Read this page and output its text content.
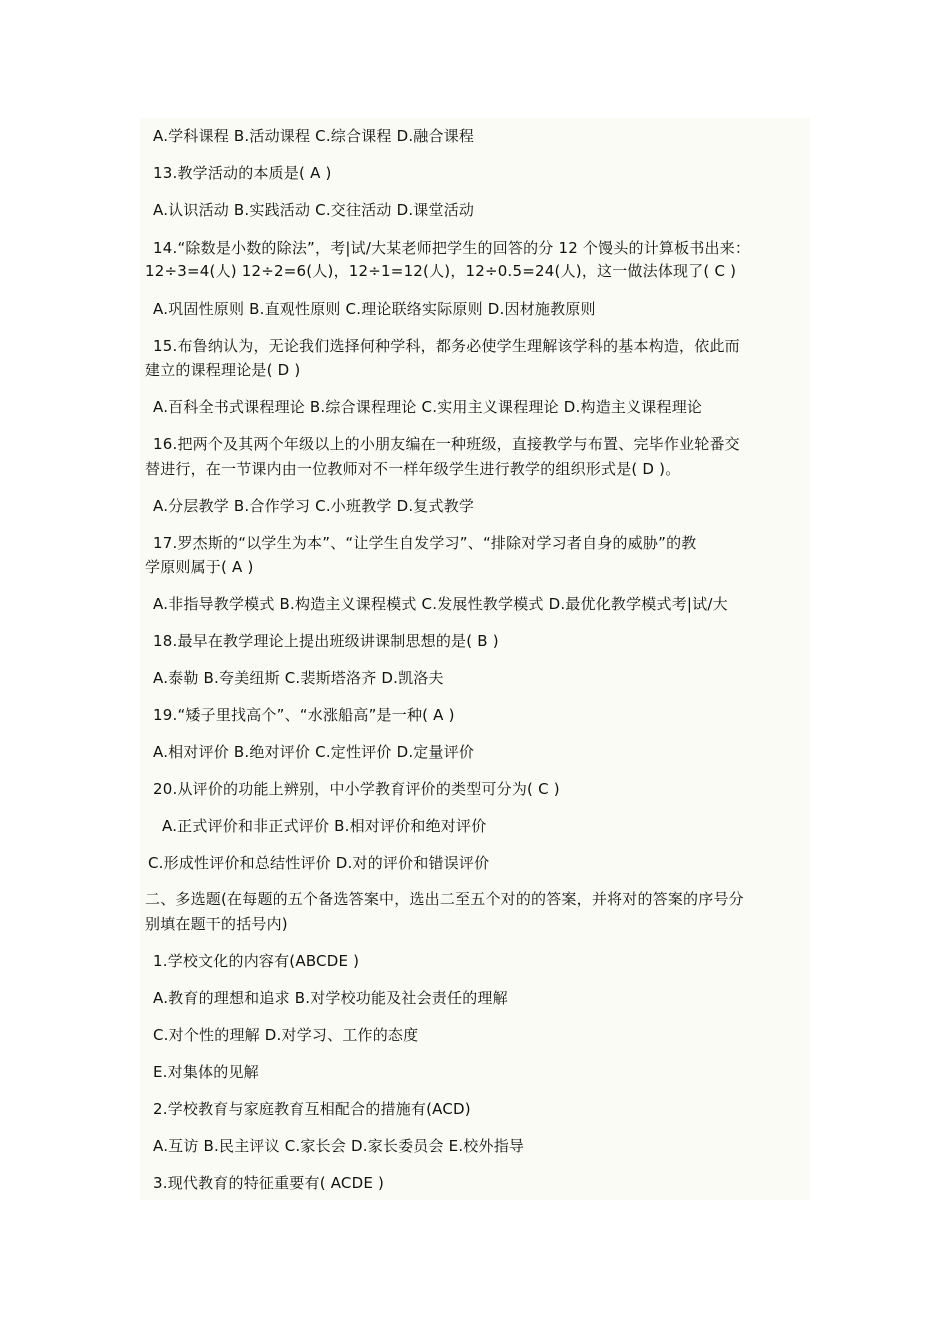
A.学科课程 B.活动课程 C.综合课程 D.融合课程
13.教学活动的本质是( A )
A.认识活动 B.实践活动 C.交往活动 D.课堂活动
14.“除数是小数的除法”，考|试/大某老师把学生的回答的分 12 个馒头的计算板书出来：
12÷3=4(人) 12÷2=6(人)，12÷1=12(人)，12÷0.5=24(人)，这一做法体现了( C )
A.巩固性原则 B.直观性原则 C.理论联络实际原则 D.因材施教原则
15.布鲁纳认为，无论我们选择何种学科，都务必使学生理解该学科的基本构造，依此而
建立的课程理论是( D )
A.百科全书式课程理论 B.综合课程理论 C.实用主义课程理论 D.构造主义课程理论
16.把两个及其两个年级以上的小朋友编在一种班级，直接教学与布置、完毕作业轮番交
替进行，在一节课内由一位教师对不一样年级学生进行教学的组织形式是( D )。
A.分层教学 B.合作学习 C.小班教学 D.复式教学
17.罗杰斯的“以学生为本”、“让学生自发学习”、“排除对学习者自身的威胁”的教
学原则属于( A )
A.非指导教学模式 B.构造主义课程模式 C.发展性教学模式 D.最优化教学模式考|试/大
18.最早在教学理论上提出班级讲课制思想的是( B )
A.泰勒 B.夸美纽斯 C.裴斯塔洛齐 D.凯洛夫
19.“矮子里找高个”、“水涨船高”是一种( A )
A.相对评价 B.绝对评价 C.定性评价 D.定量评价
20.从评价的功能上辨别，中小学教育评价的类型可分为( C )
A.正式评价和非正式评价 B.相对评价和绝对评价
C.形成性评价和总结性评价 D.对的评价和错误评价
二、多选题(在每题的五个备选答案中，选出二至五个对的的答案，并将对的答案的序号分
别填在题干的括号内)
1.学校文化的内容有(ABCDE )
A.教育的理想和追求 B.对学校功能及社会责任的理解
C.对个性的理解 D.对学习、工作的态度
E.对集体的见解
2.学校教育与家庭教育互相配合的措施有(ACD)
A.互访 B.民主评议 C.家长会 D.家长委员会 E.校外指导
3.现代教育的特征重要有( ACDE )
